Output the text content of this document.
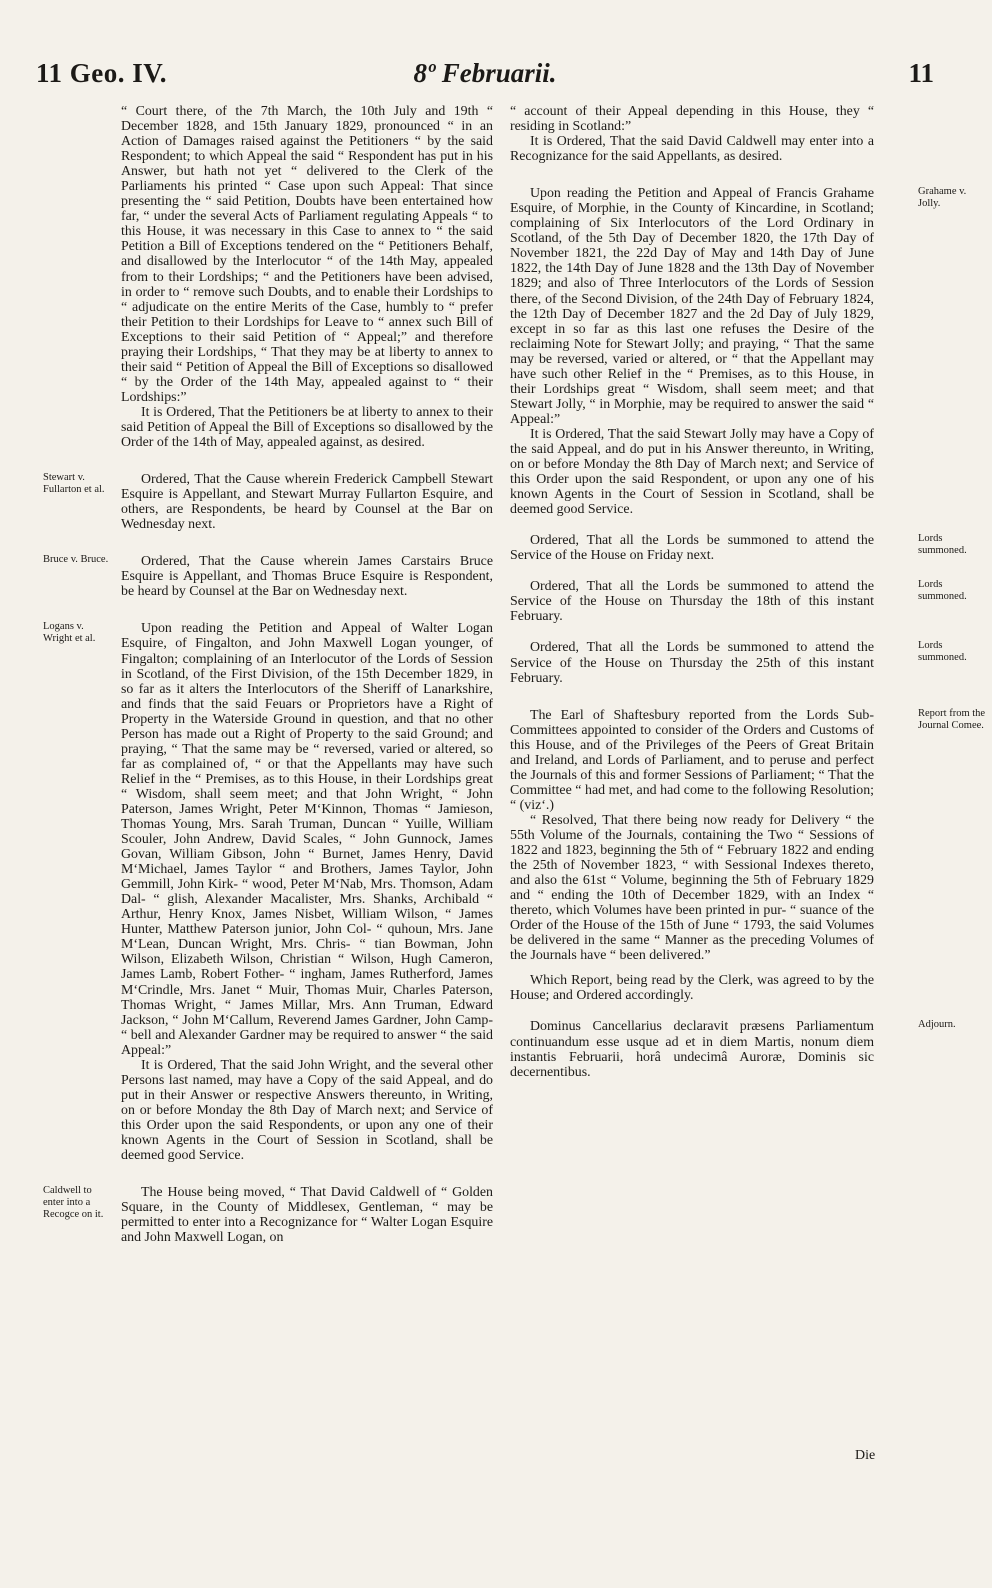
11 Geo. IV.	8º Februarii.	11

“ Court there, of the 7th March, the 10th July and 19th “ December 1828, and 15th January 1829, pronounced “ in an Action of Damages raised against the Petitioners “ by the said Respondent; to which Appeal the said “ Respondent has put in his Answer, but hath not yet “ delivered to the Clerk of the Parliaments his printed “ Case upon such Appeal: That since presenting the “ said Petition, Doubts have been entertained how far, “ under the several Acts of Parliament regulating Appeals “ to this House, it was necessary in this Case to annex to “ the said Petition a Bill of Exceptions tendered on the “ Petitioners Behalf, and disallowed by the Interlocutor “ of the 14th May, appealed from to their Lordships; “ and the Petitioners have been advised, in order to “ remove such Doubts, and to enable their Lordships to “ adjudicate on the entire Merits of the Case, humbly to “ prefer their Petition to their Lordships for Leave to “ annex such Bill of Exceptions to their said Petition of “ Appeal;” and therefore praying their Lordships, “ That they may be at liberty to annex to their said “ Petition of Appeal the Bill of Exceptions so disallowed “ by the Order of the 14th May, appealed against to “ their Lordships:”

It is Ordered, That the Petitioners be at liberty to annex to their said Petition of Appeal the Bill of Exceptions so disallowed by the Order of the 14th of May, appealed against, as desired.

Stewart v. Fullarton et al.

Ordered, That the Cause wherein Frederick Campbell Stewart Esquire is Appellant, and Stewart Murray Fullarton Esquire, and others, are Respondents, be heard by Counsel at the Bar on Wednesday next.

Bruce v. Bruce.	Ordered, That the Cause wherein James Carstairs Bruce Esquire is Appellant, and Thomas Bruce Esquire is Respondent, be heard by Counsel at the Bar on Wednesday next.

Logans v. Wright et al.

Upon reading the Petition and Appeal of Walter Logan Esquire, of Fingalton, and John Maxwell Logan younger, of Fingalton; complaining of an Interlocutor of the Lords of Session in Scotland, of the First Division, of the 15th December 1829, in so far as it alters the Interlocutors of the Sheriff of Lanarkshire, and finds that the said Feuars or Proprietors have a Right of Property in the Waterside Ground in question, and that no other Person has made out a Right of Property to the said Ground; and praying, “ That the same may be “ reversed, varied or altered, so far as complained of, “ or that the Appellants may have such Relief in the “ Premises, as to this House, in their Lordships great “ Wisdom, shall seem meet; and that John Wright, “ John Paterson, James Wright, Peter M‘Kinnon, Thomas “ Jamieson, Thomas Young, Mrs. Sarah Truman, Duncan “ Yuille, William Scouler, John Andrew, David Scales, “ John Gunnock, James Govan, William Gibson, John “ Burnet, James Henry, David M‘Michael, James Taylor “ and Brothers, James Taylor, John Gemmill, John Kirk- “ wood, Peter M‘Nab, Mrs. Thomson, Adam Dal- “ glish, Alexander Macalister, Mrs. Shanks, Archibald “ Arthur, Henry Knox, James Nisbet, William Wilson, “ James Hunter, Matthew Paterson junior, John Col- “ quhoun, Mrs. Jane M‘Lean, Duncan Wright, Mrs. Chris- “ tian Bowman, John Wilson, Elizabeth Wilson, Christian “ Wilson, Hugh Cameron, James Lamb, Robert Fother- “ ingham, James Rutherford, James M‘Crindle, Mrs. Janet “ Muir, Thomas Muir, Charles Paterson, Thomas Wright, “ James Millar, Mrs. Ann Truman, Edward Jackson, “ John M‘Callum, Reverend James Gardner, John Camp- “ bell and Alexander Gardner may be required to answer “ the said Appeal:”

It is Ordered, That the said John Wright, and the several other Persons last named, may have a Copy of the said Appeal, and do put in their Answer or respective Answers thereunto, in Writing, on or before Monday the 8th Day of March next; and Service of this Order upon the said Respondents, or upon any one of their known Agents in the Court of Session in Scotland, shall be deemed good Service.

Caldwell to enter into a Recogce on it.

The House being moved, “ That David Caldwell of “ Golden Square, in the County of Middlesex, Gentleman, “ may be permitted to enter into a Recognizance for “ Walter Logan Esquire and John Maxwell Logan, on

“ account of their Appeal depending in this House, they “ residing in Scotland:”

It is Ordered, That the said David Caldwell may enter into a Recognizance for the said Appellants, as desired.

Grahame v. Jolly.

Upon reading the Petition and Appeal of Francis Grahame Esquire, of Morphie, in the County of Kincardine, in Scotland; complaining of Six Interlocutors of the Lord Ordinary in Scotland, of the 5th Day of December 1820, the 17th Day of November 1821, the 22d Day of May and 14th Day of June 1822, the 14th Day of June 1828 and the 13th Day of November 1829; and also of Three Interlocutors of the Lords of Session there, of the Second Division, of the 24th Day of February 1824, the 12th Day of December 1827 and the 2d Day of July 1829, except in so far as this last one refuses the Desire of the reclaiming Note for Stewart Jolly; and praying, “ That the same may be reversed, varied or altered, or “ that the Appellant may have such other Relief in the “ Premises, as to this House, in their Lordships great “ Wisdom, shall seem meet; and that Stewart Jolly, “ in Morphie, may be required to answer the said “ Appeal:”

It is Ordered, That the said Stewart Jolly may have a Copy of the said Appeal, and do put in his Answer thereunto, in Writing, on or before Monday the 8th Day of March next; and Service of this Order upon the said Respondent, or upon any one of his known Agents in the Court of Session in Scotland, shall be deemed good Service.

Lords summoned.

Ordered, That all the Lords be summoned to attend the Service of the House on Friday next.

Lords summoned.

Ordered, That all the Lords be summoned to attend the Service of the House on Thursday the 18th of this instant February.

Lords summoned.

Ordered, That all the Lords be summoned to attend the Service of the House on Thursday the 25th of this instant February.

Report from the Journal Comee.

The Earl of Shaftesbury reported from the Lords Sub-Committees appointed to consider of the Orders and Customs of this House, and of the Privileges of the Peers of Great Britain and Ireland, and Lords of Parliament, and to peruse and perfect the Journals of this and former Sessions of Parliament; “ That the Committee “ had met, and had come to the following Resolution; “ (viz‘.)

“ Resolved, That there being now ready for Delivery “ the 55th Volume of the Journals, containing the Two “ Sessions of 1822 and 1823, beginning the 5th of “ February 1822 and ending the 25th of November 1823, “ with Sessional Indexes thereto, and also the 61st “ Volume, beginning the 5th of February 1829 and “ ending the 10th of December 1829, with an Index “ thereto, which Volumes have been printed in pur- “ suance of the Order of the House of the 15th of June “ 1793, the said Volumes be delivered in the same “ Manner as the preceding Volumes of the Journals have “ been delivered.”

Which Report, being read by the Clerk, was agreed to by the House; and Ordered accordingly.

Adjourn.

Dominus Cancellarius declaravit præsens Parliamentum continuandum esse usque ad et in diem Martis, nonum diem instantis Februarii, horâ undecimâ Auroræ, Dominis sic decernentibus.

Die
